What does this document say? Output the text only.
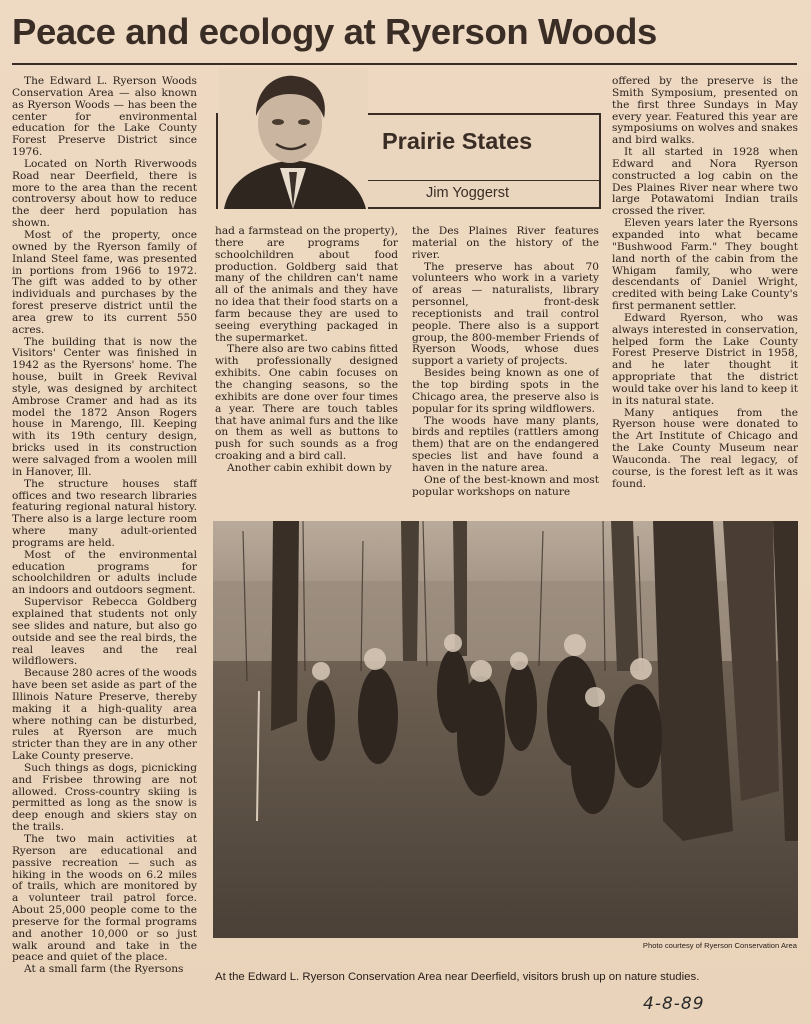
Peace and ecology at Ryerson Woods

The Edward L. Ryerson Woods Conservation Area — also known as Ryerson Woods — has been the center for environmental education for the Lake County Forest Preserve District since 1976.

Located on North Riverwoods Road near Deerfield, there is more to the area than the recent controversy about how to reduce the deer herd population has shown.

Most of the property, once owned by the Ryerson family of Inland Steel fame, was presented in portions from 1966 to 1972. The gift was added to by other individuals and purchases by the forest preserve district until the area grew to its current 550 acres.

The building that is now the Visitors' Center was finished in 1942 as the Ryersons' home. The house, built in Greek Revival style, was designed by architect Ambrose Cramer and had as its model the 1872 Anson Rogers house in Marengo, Ill. Keeping with its 19th century design, bricks used in its construction were salvaged from a woolen mill in Hanover, Ill.

The structure houses staff offices and two research libraries featuring regional natural history. There also is a large lecture room where many adult-oriented programs are held.

Most of the environmental education programs for schoolchildren or adults include an indoors and outdoors segment.

Supervisor Rebecca Goldberg explained that students not only see slides and nature, but also go outside and see the real birds, the real leaves and the real wildflowers.

Because 280 acres of the woods have been set aside as part of the Illinois Nature Preserve, thereby making it a high-quality area where nothing can be disturbed, rules at Ryerson are much stricter than they are in any other Lake County preserve.

Such things as dogs, picnicking and Frisbee throwing are not allowed. Cross-country skiing is permitted as long as the snow is deep enough and skiers stay on the trails.

The two main activities at Ryerson are educational and passive recreation — such as hiking in the woods on 6.2 miles of trails, which are monitored by a volunteer trail patrol force. About 25,000 people come to the preserve for the formal programs and another 10,000 or so just walk around and take in the peace and quiet of the place.

At a small farm (the Ryersons

Prairie States
Jim Yoggerst

had a farmstead on the property), there are programs for schoolchildren about food production. Goldberg said that many of the children can't name all of the animals and they have no idea that their food starts on a farm because they are used to seeing everything packaged in the supermarket.

There also are two cabins fitted with professionally designed exhibits. One cabin focuses on the changing seasons, so the exhibits are done over four times a year. There are touch tables that have animal furs and the like on them as well as buttons to push for such sounds as a frog croaking and a bird call.

Another cabin exhibit down by

the Des Plaines River features material on the history of the river.

The preserve has about 70 volunteers who work in a variety of areas — naturalists, library personnel, front-desk receptionists and trail control people. There also is a support group, the 800-member Friends of Ryerson Woods, whose dues support a variety of projects.

Besides being known as one of the top birding spots in the Chicago area, the preserve also is popular for its spring wildflowers.

The woods have many plants, birds and reptiles (rattlers among them) that are on the endangered species list and have found a haven in the nature area.

One of the best-known and most popular workshops on nature

offered by the preserve is the Smith Symposium, presented on the first three Sundays in May every year. Featured this year are symposiums on wolves and snakes and bird walks.

It all started in 1928 when Edward and Nora Ryerson constructed a log cabin on the Des Plaines River near where two large Potawatomi Indian trails crossed the river.

Eleven years later the Ryersons expanded into what became "Bushwood Farm." They bought land north of the cabin from the Whigam family, who were descendants of Daniel Wright, credited with being Lake County's first permanent settler.

Edward Ryerson, who was always interested in conservation, helped form the Lake County Forest Preserve District in 1958, and he later thought it appropriate that the district would take over his land to keep it in its natural state.

Many antiques from the Ryerson house were donated to the Art Institute of Chicago and the Lake County Museum near Wauconda. The real legacy, of course, is the forest left as it was found.

Photo courtesy of Ryerson Conservation Area
At the Edward L. Ryerson Conservation Area near Deerfield, visitors brush up on nature studies.
4-8-89
